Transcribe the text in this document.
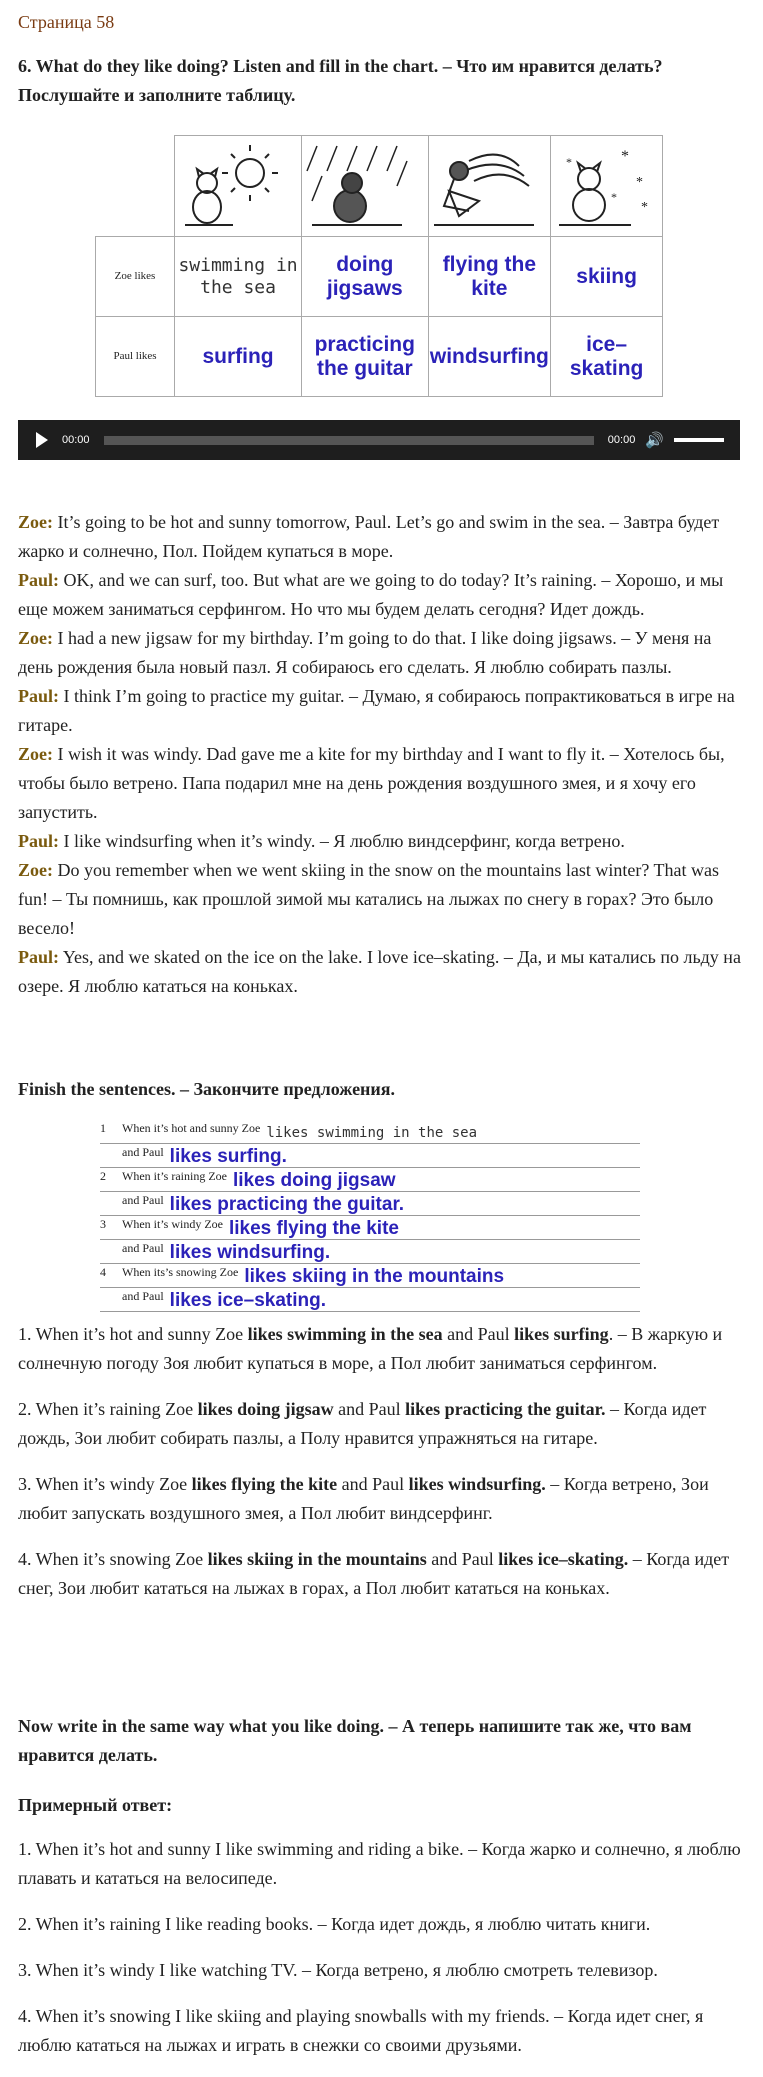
Страница 58
6. What do they like doing? Listen and fill in the chart. – Что им нравится делать? Послушайте и заполните таблицу.

*
*
*
*
*

Zoe likes	swimming in the sea	doing jigsaws	flying the kite	skiing
Paul likes	surfing	practicing the guitar	windsurfing	ice–skating
00:00	00:00 🔊
Zoe: It’s going to be hot and sunny tomorrow, Paul. Let’s go and swim in the sea. – Завтра будет жарко и солнечно, Пол. Пойдем купаться в море.
Paul: OK, and we can surf, too. But what are we going to do today? It’s raining. – Хорошо, и мы еще можем заниматься серфингом. Но что мы будем делать сегодня? Идет дождь.
Zoe: I had a new jigsaw for my birthday. I’m going to do that. I like doing jigsaws. – У меня на день рождения была новый пазл. Я собираюсь его сделать. Я люблю собирать пазлы.
Paul: I think I’m going to practice my guitar. – Думаю, я собираюсь попрактиковаться в игре на гитаре.
Zoe: I wish it was windy. Dad gave me a kite for my birthday and I want to fly it. – Хотелось бы, чтобы было ветрено. Папа подарил мне на день рождения воздушного змея, и я хочу его запустить.
Paul: I like windsurfing when it’s windy. – Я люблю виндсерфинг, когда ветрено.
Zoe: Do you remember when we went skiing in the snow on the mountains last winter? That was fun! – Ты помнишь, как прошлой зимой мы катались на лыжах по снегу в горах? Это было весело!
Paul: Yes, and we skated on the ice on the lake. I love ice–skating. – Да, и мы катались по льду на озере. Я люблю кататься на коньках.
Finish the sentences. – Закончите предложения.
1	When it’s hot and sunny Zoe likes swimming in the sea
and Paul likes surfing.
2	When it’s raining Zoe likes doing jigsaw
and Paul likes practicing the guitar.
3	When it’s windy Zoe likes flying the kite
and Paul likes windsurfing.
4	When its’s snowing Zoe likes skiing in the mountains
and Paul likes ice–skating.

1. When it’s hot and sunny Zoe likes swimming in the sea and Paul likes surfing. – В жаркую и солнечную погоду Зоя любит купаться в море, а Пол любит заниматься серфингом.

2. When it’s raining Zoe likes doing jigsaw and Paul likes practicing the guitar. – Когда идет дождь, Зои любит собирать пазлы, а Полу нравится упражняться на гитаре.

3. When it’s windy Zoe likes flying the kite and Paul likes windsurfing. – Когда ветрено, Зои любит запускать воздушного змея, а Пол любит виндсерфинг.

4. When it’s snowing Zoe likes skiing in the mountains and Paul likes ice–skating. – Когда идет снег, Зои любит кататься на лыжах в горах, а Пол любит кататься на коньках.

Now write in the same way what you like doing. – А теперь напишите так же, что вам нравится делать.
Примерный ответ:

1. When it’s hot and sunny I like swimming and riding a bike. – Когда жарко и солнечно, я люблю плавать и кататься на велосипеде.

2. When it’s raining I like reading books. – Когда идет дождь, я люблю читать книги.

3. When it’s windy I like watching TV. – Когда ветрено, я люблю смотреть телевизор.

4. When it’s snowing I like skiing and playing snowballs with my friends. – Когда идет снег, я люблю кататься на лыжах и играть в снежки со своими друзьями.
